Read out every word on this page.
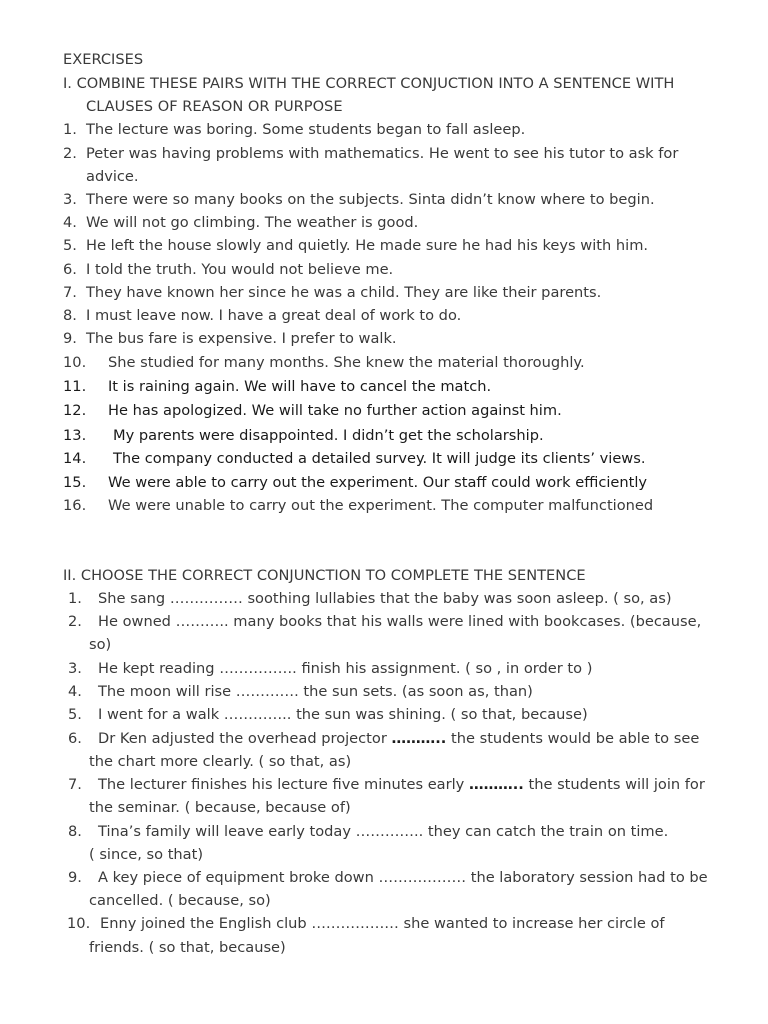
EXERCISES
I. COMBINE THESE PAIRS WITH THE CORRECT CONJUCTION INTO A SENTENCE WITH
CLAUSES OF REASON OR PURPOSE
1. The lecture was boring. Some students began to fall asleep.
2. Peter was having problems with mathematics. He went to see his tutor to ask for
advice.
3. There were so many books on the subjects. Sinta didn’t know where to begin.
4. We will not go climbing. The weather is good.
5. He left the house slowly and quietly. He made sure he had his keys with him.
6. I told the truth. You would not believe me.
7. They have known her since he was a child. They are like their parents.
8. I must leave now. I have a great deal of work to do.
9. The bus fare is expensive. I prefer to walk.
10. She studied for many months. She knew the material thoroughly.
11. It is raining again. We will have to cancel the match.
12. He has apologized. We will take no further action against him.
13. My parents were disappointed. I didn’t get the scholarship.
14. The company conducted a detailed survey. It will judge its clients’ views.
15. We were able to carry out the experiment. Our staff could work efficiently
16. We were unable to carry out the experiment. The computer malfunctioned
II. CHOOSE THE CORRECT CONJUNCTION TO COMPLETE THE SENTENCE
1. She sang …………… soothing lullabies that the baby was soon asleep. ( so, as)
2. He owned ……….. many books that his walls were lined with bookcases. (because,
so)
3. He kept reading ……………. finish his assignment. ( so , in order to )
4. The moon will rise …………. the sun sets. (as soon as, than)
5. I went for a walk ………….. the sun was shining. ( so that, because)
6. Dr Ken adjusted the overhead projector ……….. the students would be able to see
the chart more clearly. ( so that, as)
7. The lecturer finishes his lecture five minutes early ……….. the students will join for
the seminar. ( because, because of)
8. Tina’s family will leave early today ………….. they can catch the train on time.
( since, so that)
9. A key piece of equipment broke down ……………… the laboratory session had to be
cancelled. ( because, so)
10. Enny joined the English club ……………… she wanted to increase her circle of
friends. ( so that, because)
